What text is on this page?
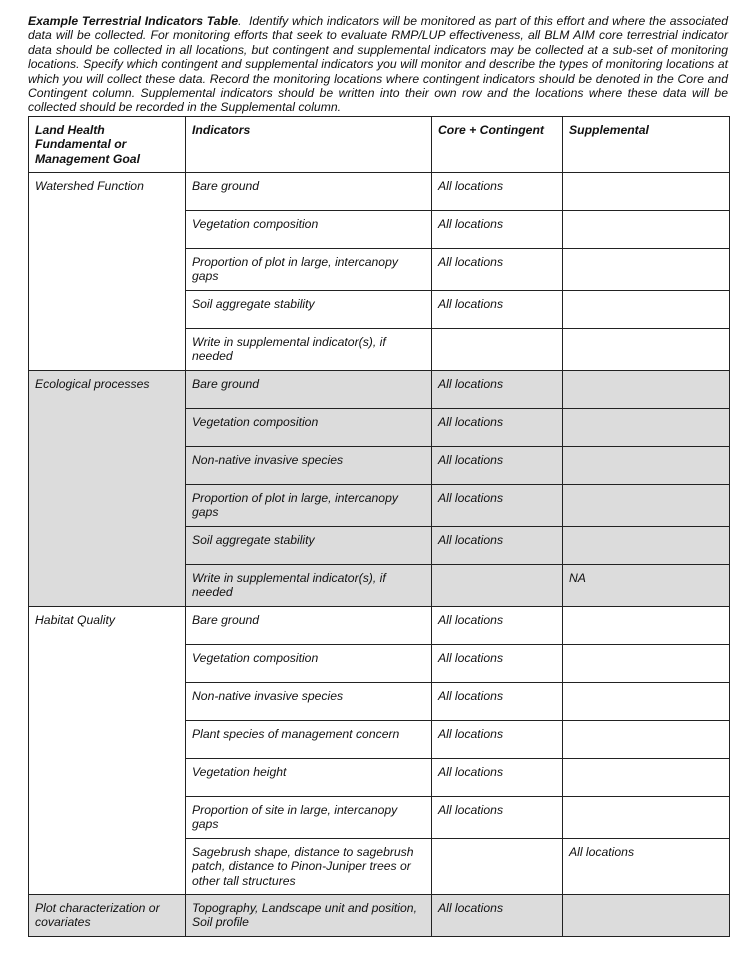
Example Terrestrial Indicators Table.  Identify which indicators will be monitored as part of this effort and where the associated data will be collected. For monitoring efforts that seek to evaluate RMP/LUP effectiveness, all BLM AIM core terrestrial indicator data should be collected in all locations, but contingent and supplemental indicators may be collected at a sub-set of monitoring locations. Specify which contingent and supplemental indicators you will monitor and describe the types of monitoring locations at which you will collect these data. Record the monitoring locations where contingent indicators should be denoted in the Core and Contingent column. Supplemental indicators should be written into their own row and the locations where these data will be collected should be recorded in the Supplemental column.
Land Health Fundamental or Management Goal	Indicators	Core + Contingent	Supplemental
Watershed Function	Bare ground	All locations	
	Vegetation composition	All locations	
	Proportion of plot in large, intercanopy gaps	All locations	
	Soil aggregate stability	All locations	
	Write in supplemental indicator(s), if needed		
Ecological processes	Bare ground	All locations	
	Vegetation composition	All locations	
	Non-native invasive species	All locations	
	Proportion of plot in large, intercanopy gaps	All locations	
	Soil aggregate stability	All locations	
	Write in supplemental indicator(s), if needed		NA
Habitat Quality	Bare ground	All locations	
	Vegetation composition	All locations	
	Non-native invasive species	All locations	
	Plant species of management concern	All locations	
	Vegetation height	All locations	
	Proportion of site in large, intercanopy gaps	All locations	
	Sagebrush shape, distance to sagebrush patch, distance to Pinon-Juniper trees or other tall structures		All locations
Plot characterization or covariates	Topography, Landscape unit and position, Soil profile	All locations	
